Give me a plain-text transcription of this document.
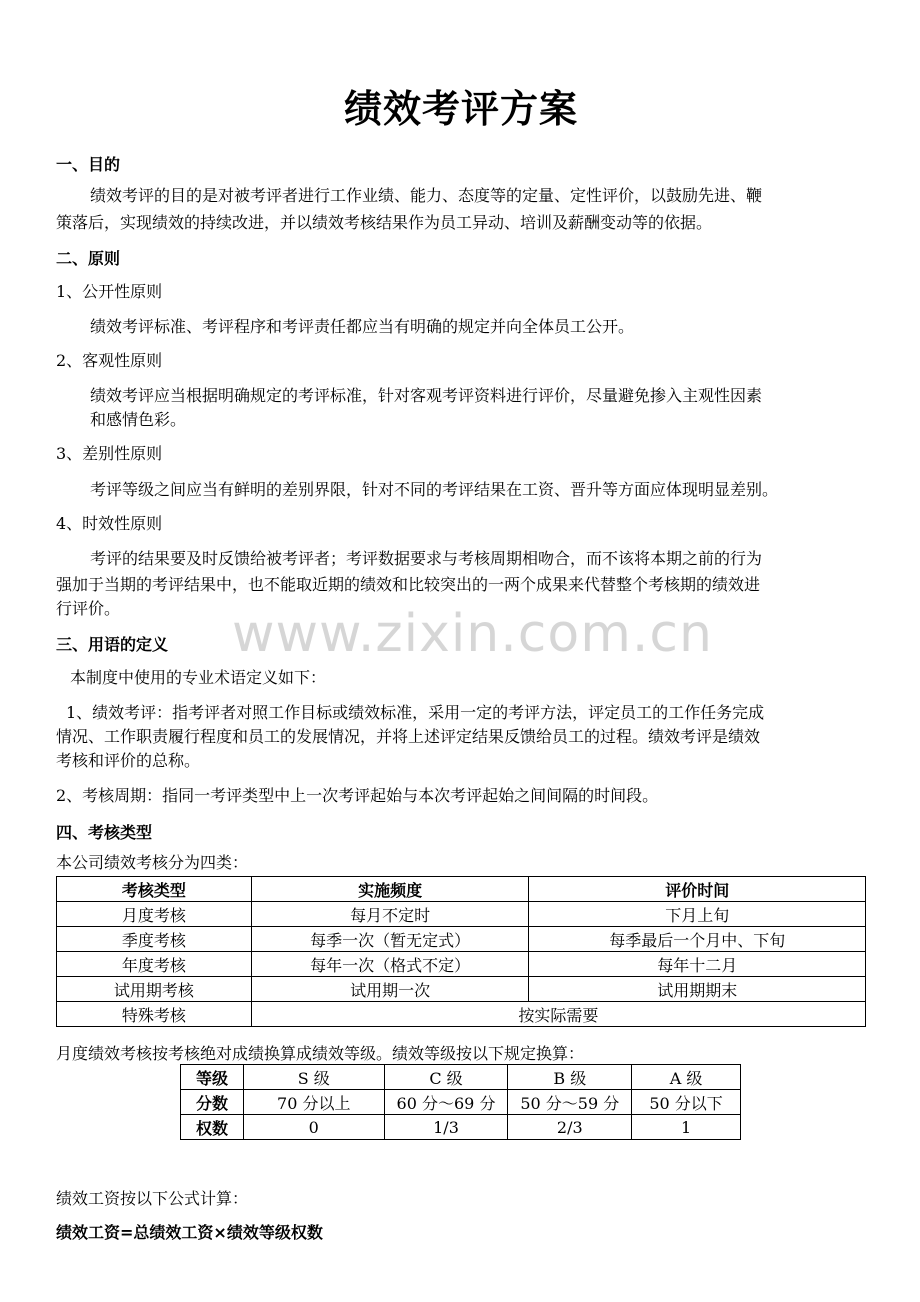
www.zixin.com.cn
绩效考评方案
一、目的
绩效考评的目的是对被考评者进行工作业绩、能力、态度等的定量、定性评价，以鼓励先进、鞭
策落后，实现绩效的持续改进，并以绩效考核结果作为员工异动、培训及薪酬变动等的依据。
二、原则
1、公开性原则
绩效考评标准、考评程序和考评责任都应当有明确的规定并向全体员工公开。
2、客观性原则
绩效考评应当根据明确规定的考评标准，针对客观考评资料进行评价，尽量避免掺入主观性因素
和感情色彩。
3、差别性原则
考评等级之间应当有鲜明的差别界限，针对不同的考评结果在工资、晋升等方面应体现明显差别。
4、时效性原则
考评的结果要及时反馈给被考评者；考评数据要求与考核周期相吻合，而不该将本期之前的行为
强加于当期的考评结果中，也不能取近期的绩效和比较突出的一两个成果来代替整个考核期的绩效进
行评价。
三、用语的定义
本制度中使用的专业术语定义如下：
1、绩效考评：指考评者对照工作目标或绩效标准，采用一定的考评方法，评定员工的工作任务完成
情况、工作职责履行程度和员工的发展情况，并将上述评定结果反馈给员工的过程。绩效考评是绩效
考核和评价的总称。
2、考核周期：指同一考评类型中上一次考评起始与本次考评起始之间间隔的时间段。
四、考核类型
本公司绩效考核分为四类：
考核类型	实施频度	评价时间
月度考核	每月不定时	下月上旬
季度考核	每季一次（暂无定式）	每季最后一个月中、下旬
年度考核	每年一次（格式不定）	每年十二月
试用期考核	试用期一次	试用期期末
特殊考核	按实际需要	
月度绩效考核按考核绝对成绩换算成绩效等级。绩效等级按以下规定换算：
等级	S 级	C 级	B 级	A 级
分数	70 分以上	60 分～69 分	50 分～59 分	50 分以下
权数	0	1/3	2/3	1
绩效工资按以下公式计算：
绩效工资=总绩效工资×绩效等级权数
